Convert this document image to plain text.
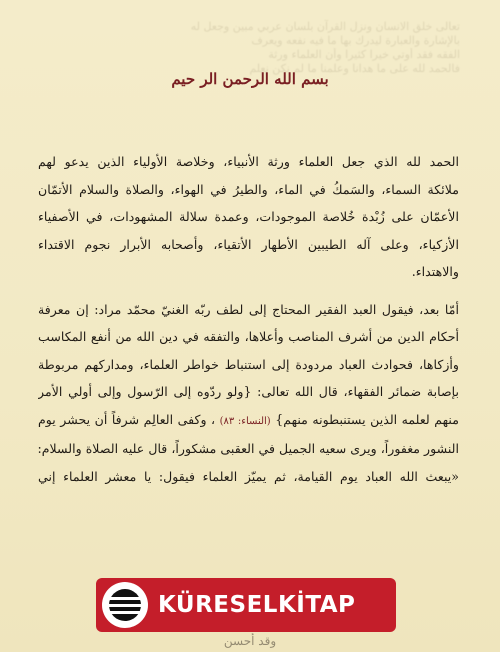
تعالى خلق الانسان ونزل القرآن بلسان عربي مبين وجعل له
بالإشارة والعبارة ليدرك بها ما فيه نفعه ويعرف
الفقه فقد أوتي خيرا كثيرا وأن العلماء ورثة
فالحمد لله على ما هدانا وعلمنا ما لم نكن نعلم
بسم الله الرحمن الر حيم
الحمد لله الذي جعل العلماء ورثة الأنبياء، وخلاصة الأولياء الذين يدعو لهم
ملائكة السماء، والسَمكُ في الماء، والطيرُ في الهواء، والصلاة والسلام الأتمّان
الأعمّان على زُبْدة خُلاصة الموجودات، وعمدة سلالة المشهودات، في الأصفياء
الأزكياء، وعلى آله الطيبين الأطهار الأتقياء، وأصحابه الأبرار نجوم الاقتداء
والاهتداء.
أمّا بعد، فيقول العبد الفقير المحتاج إلى لطف ربّه الغنيّ محمّد مراد: إن معرفة
أحكام الدين من أشرف المناصب وأعلاها، والتفقه في دين الله من أنفع المكاسب
وأزكاها، فحوادث العباد مردودة إلى استنباط خواطر العلماء، ومداركهم مربوطة
بإصابة ضمائر الفقهاء، قال الله تعالى: {ولو ردّوه إلى الرّسول وإلى أولي الأمر
منهم لعلمه الذين يستنبطونه منهم} (النساء: ٨٣) ، وكفى العالِم شرفاً أن يحشر يوم
النشور مغفوراً، ويرى سعيه الجميل في العقبى مشكوراً، قال عليه الصلاة والسلام:
«يبعث الله العباد يوم القيامة، ثم يميّز العلماء فيقول: يا معشر العلماء إني
وقد أحسن
KÜRESELKİTAP
